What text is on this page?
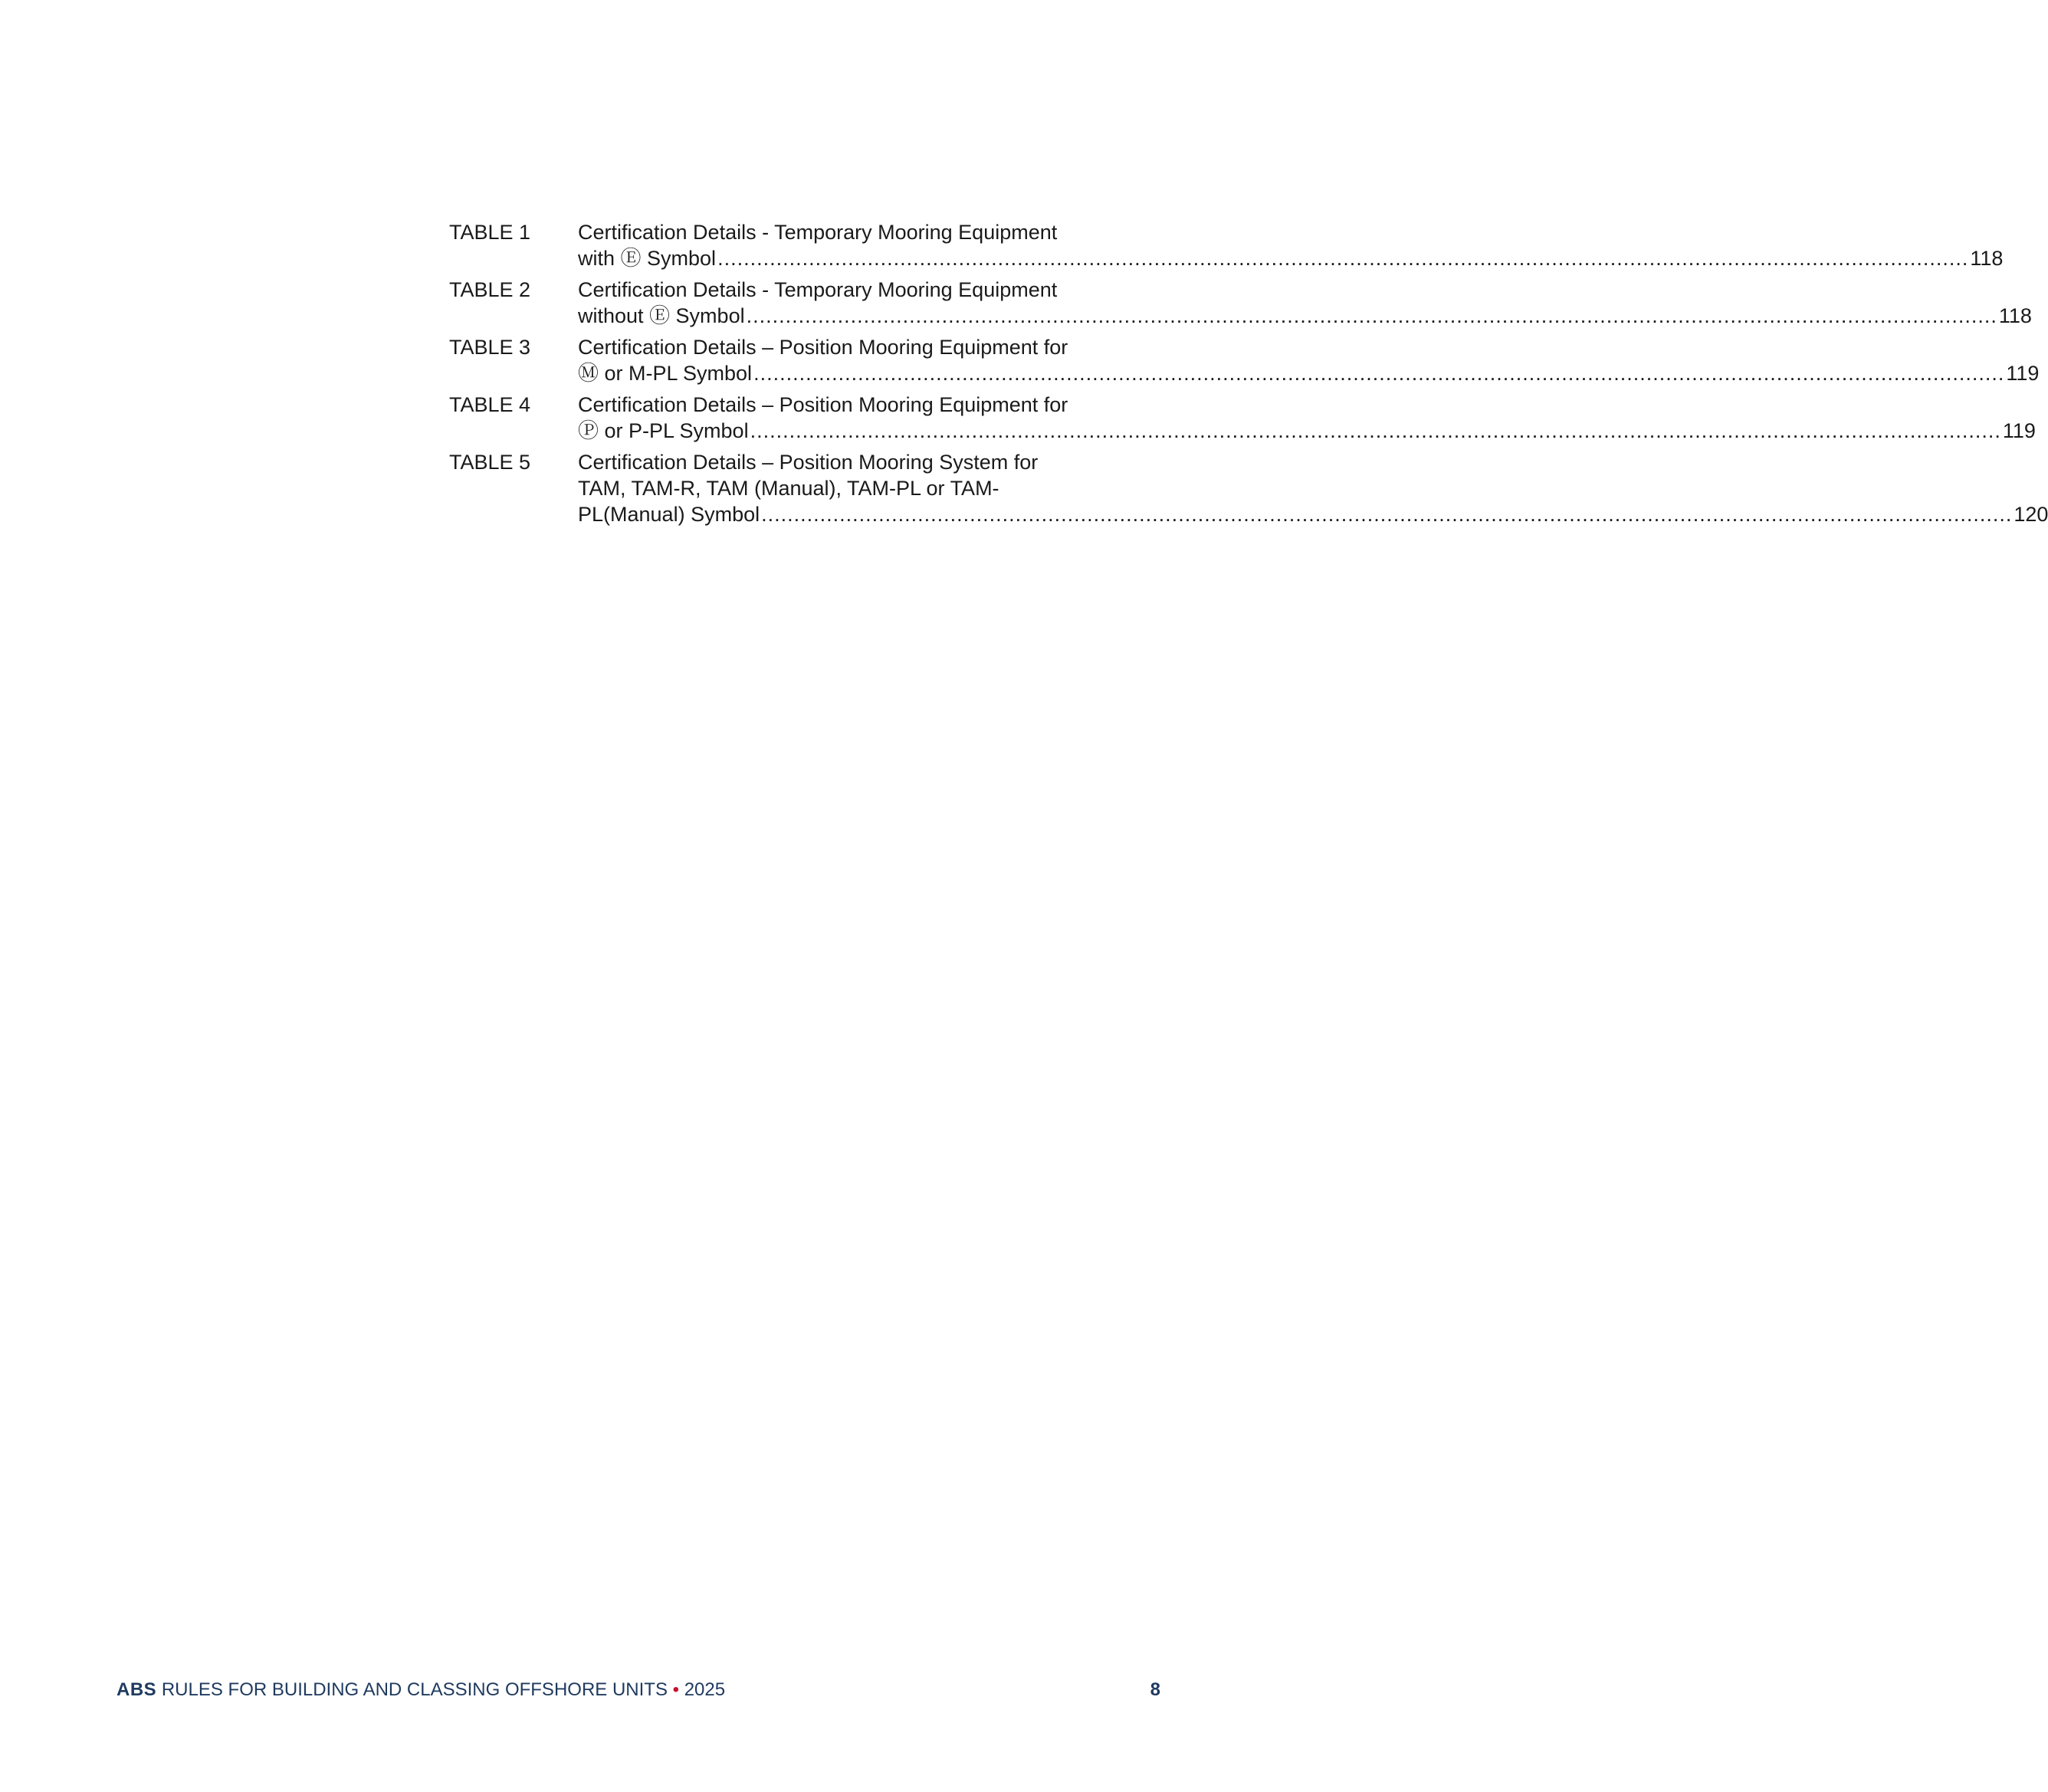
TABLE 1	Certification Details - Temporary Mooring Equipment
with Ⓔ Symbol .....	118
TABLE 2	Certification Details - Temporary Mooring Equipment
without Ⓔ Symbol .....	118
TABLE 3	Certification Details – Position Mooring Equipment for
Ⓜ or M-PL Symbol .....	119
TABLE 4	Certification Details – Position Mooring Equipment for
Ⓟ or P-PL Symbol .....	119
TABLE 5	Certification Details – Position Mooring System for
TAM, TAM-R, TAM (Manual), TAM-PL or TAM-
PL(Manual) Symbol .....	120
ABS RULES FOR BUILDING AND CLASSING OFFSHORE UNITS • 2025	8
